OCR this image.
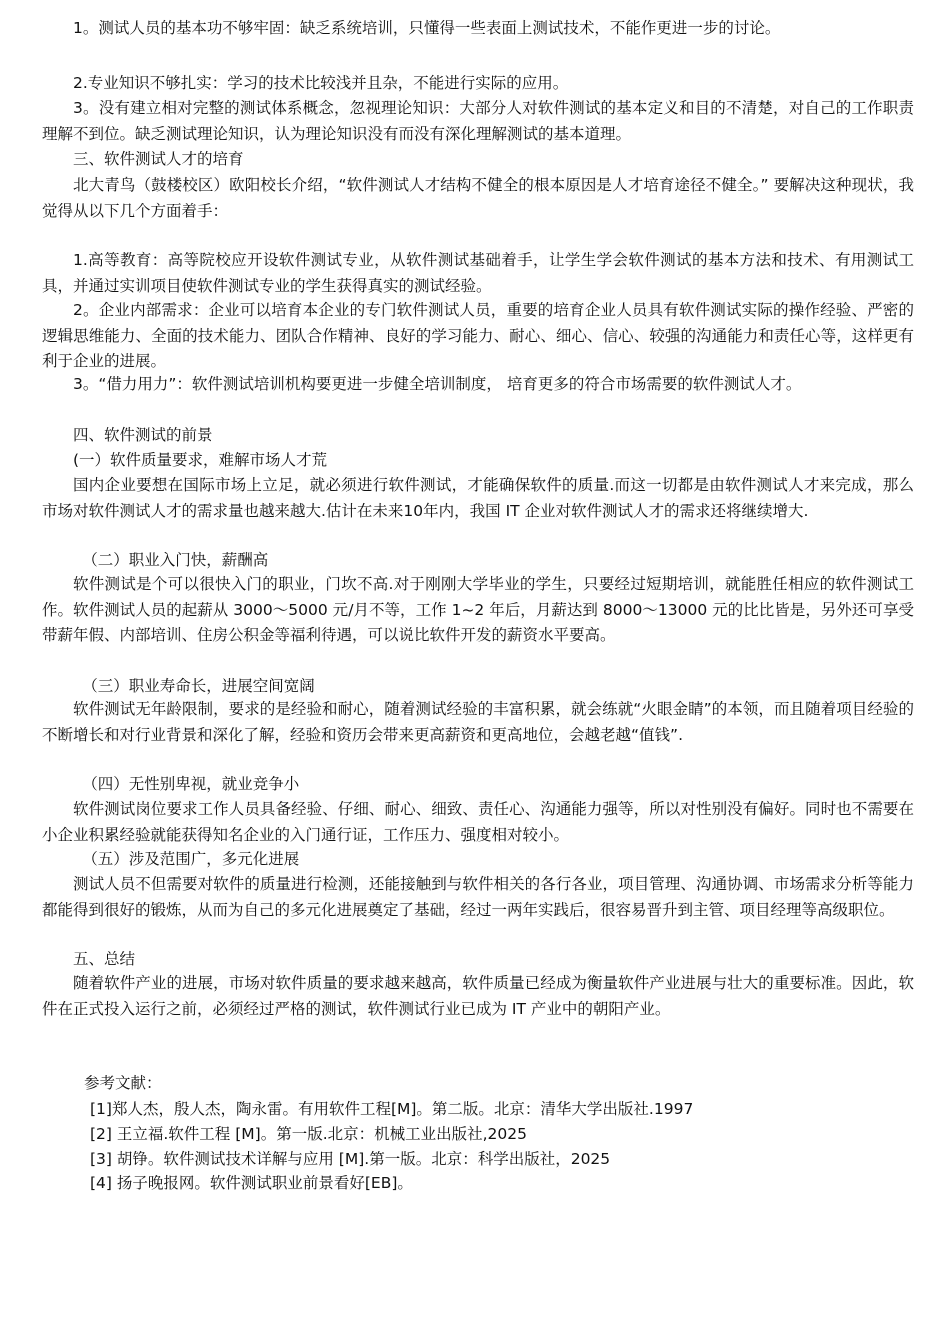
1。测试人员的基本功不够牢固：缺乏系统培训，只懂得一些表面上测试技术，不能作更进一步的讨论。
2.专业知识不够扎实：学习的技术比较浅并且杂，不能进行实际的应用。
3。没有建立相对完整的测试体系概念，忽视理论知识：大部分人对软件测试的基本定义和目的不清楚，对自己的工作职责理解不到位。缺乏测试理论知识，认为理论知识没有而没有深化理解测试的基本道理。
三、软件测试人才的培育
北大青鸟（鼓楼校区）欧阳校长介绍，“软件测试人才结构不健全的根本原因是人才培育途径不健全。” 要解决这种现状，我觉得从以下几个方面着手：
1.高等教育：高等院校应开设软件测试专业，从软件测试基础着手，让学生学会软件测试的基本方法和技术、有用测试工具，并通过实训项目使软件测试专业的学生获得真实的测试经验。
2。企业内部需求：企业可以培育本企业的专门软件测试人员，重要的培育企业人员具有软件测试实际的操作经验、严密的逻辑思维能力、全面的技术能力、团队合作精神、良好的学习能力、耐心、细心、信心、较强的沟通能力和责任心等，这样更有利于企业的进展。
3。“借力用力”：软件测试培训机构要更进一步健全培训制度， 培育更多的符合市场需要的软件测试人才。
四、软件测试的前景
(一）软件质量要求，难解市场人才荒
国内企业要想在国际市场上立足，就必须进行软件测试，才能确保软件的质量.而这一切都是由软件测试人才来完成，那么市场对软件测试人才的需求量也越来越大.估计在未来10年内，我国 IT 企业对软件测试人才的需求还将继续增大.
（二）职业入门快，薪酬高
软件测试是个可以很快入门的职业，门坎不高.对于刚刚大学毕业的学生，只要经过短期培训，就能胜任相应的软件测试工作。软件测试人员的起薪从 3000～5000 元/月不等，工作 1~2 年后，月薪达到 8000～13000 元的比比皆是，另外还可享受带薪年假、内部培训、住房公积金等福利待遇，可以说比软件开发的薪资水平要高。
（三）职业寿命长，进展空间宽阔
软件测试无年龄限制，要求的是经验和耐心，随着测试经验的丰富积累，就会练就“火眼金睛”的本领，而且随着项目经验的不断增长和对行业背景和深化了解，经验和资历会带来更高薪资和更高地位，会越老越“值钱”.
（四）无性别卑视，就业竞争小
软件测试岗位要求工作人员具备经验、仔细、耐心、细致、责任心、沟通能力强等，所以对性别没有偏好。同时也不需要在小企业积累经验就能获得知名企业的入门通行证，工作压力、强度相对较小。
（五）涉及范围广，多元化进展
测试人员不但需要对软件的质量进行检测，还能接触到与软件相关的各行各业，项目管理、沟通协调、市场需求分析等能力都能得到很好的锻炼，从而为自己的多元化进展奠定了基础，经过一两年实践后，很容易晋升到主管、项目经理等高级职位。
五、总结
随着软件产业的进展，市场对软件质量的要求越来越高，软件质量已经成为衡量软件产业进展与壮大的重要标准。因此，软件在正式投入运行之前，必须经过严格的测试，软件测试行业已成为 IT 产业中的朝阳产业。
参考文献：
[1]郑人杰，殷人杰，陶永雷。有用软件工程[M]。第二版。北京：清华大学出版社.1997
[2] 王立福.软件工程 [M]。第一版.北京：机械工业出版社,2025
[3] 胡铮。软件测试技术详解与应用 [M].第一版。北京：科学出版社，2025
[4] 扬子晚报网。软件测试职业前景看好[EB]。
